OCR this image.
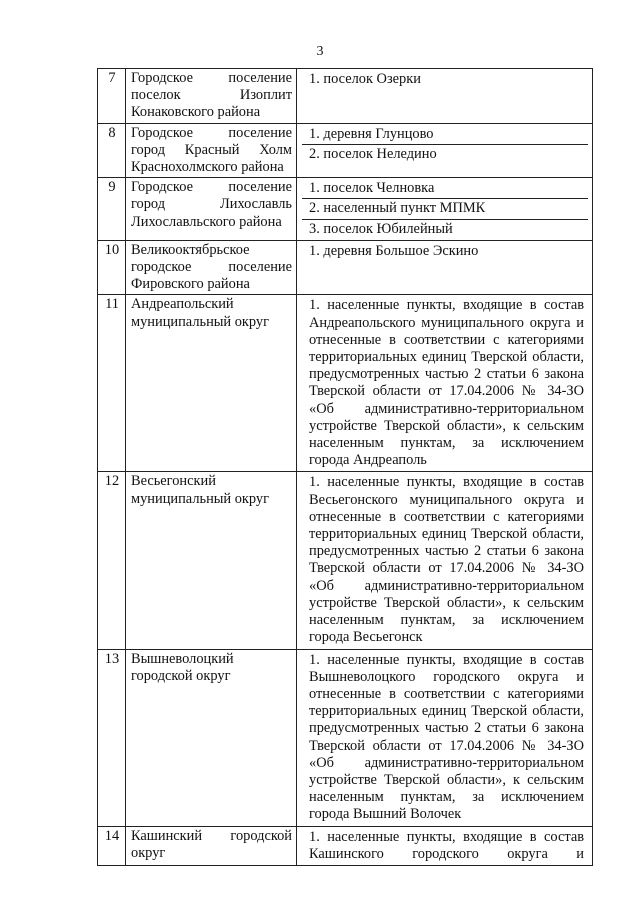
3
7	Городское поселение поселок Изоплит Конаковского района	1. поселок Озерки

8	Городское поселение город Красный Холм Краснохолмского района	1. деревня Глунцово
2. поселок Неледино

9	Городское поселение город Лихославль Лихославльского района	1. поселок Челновка
2. населенный пункт МПМК
3. поселок Юбилейный

10	Великооктябрьское городское поселение Фировского района	1. деревня Большое Эскино

11	Андреапольский муниципальный округ	1. населенные пункты, входящие в состав Андреапольского муниципального округа и отнесенные в соответствии с категориями территориальных единиц Тверской области, предусмотренных частью 2 статьи 6 закона Тверской области от 17.04.2006 № 34-ЗО «Об административно-территориальном устройстве Тверской области», к сельским населенным пунктам, за исключением города Андреаполь

12	Весьегонский муниципальный округ	1. населенные пункты, входящие в состав Весьегонского муниципального округа и отнесенные в соответствии с категориями территориальных единиц Тверской области, предусмотренных частью 2 статьи 6 закона Тверской области от 17.04.2006 № 34-ЗО «Об административно-территориальном устройстве Тверской области», к сельским населенным пунктам, за исключением города Весьегонск

13	Вышневолоцкий городской округ	1. населенные пункты, входящие в состав Вышневолоцкого городского округа и отнесенные в соответствии с категориями территориальных единиц Тверской области, предусмотренных частью 2 статьи 6 закона Тверской области от 17.04.2006 № 34-ЗО «Об административно-территориальном устройстве Тверской области», к сельским населенным пунктам, за исключением города Вышний Волочек

14	Кашинский городской округ	1. населенные пункты, входящие в состав Кашинского городского округа и
